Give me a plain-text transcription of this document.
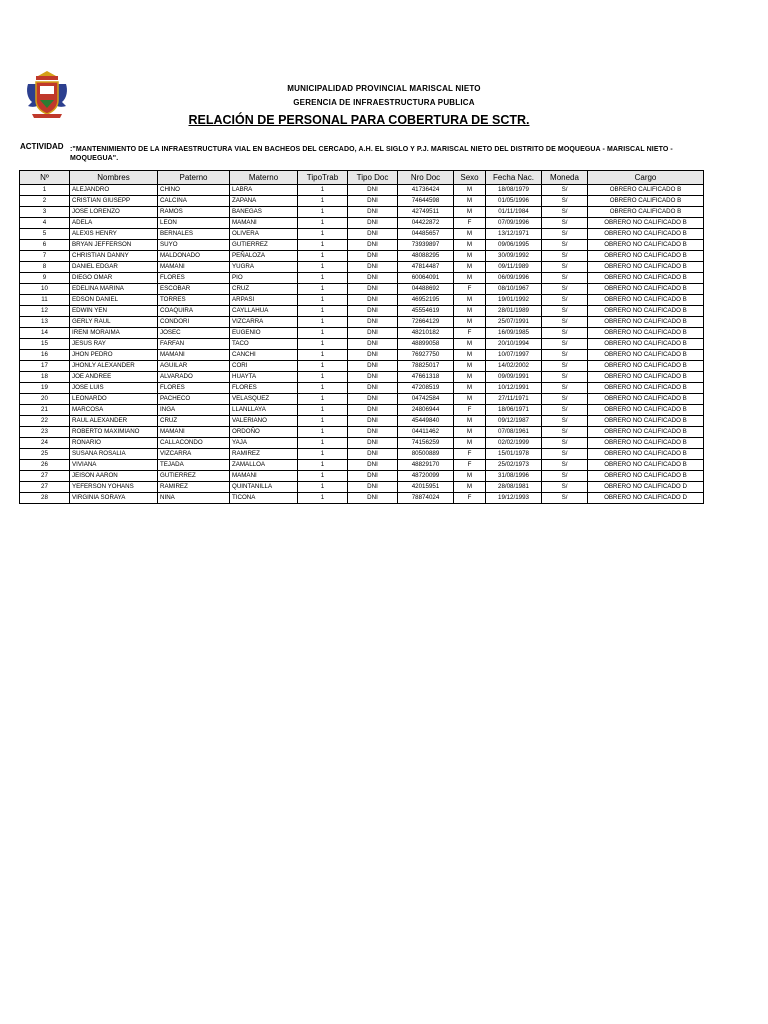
MUNICIPALIDAD PROVINCIAL MARISCAL NIETO
GERENCIA DE INFRAESTRUCTURA PUBLICA
RELACIÓN DE PERSONAL PARA COBERTURA DE SCTR.
ACTIVIDAD :"MANTENIMIENTO DE LA INFRAESTRUCTURA VIAL EN BACHEOS DEL CERCADO, A.H. EL SIGLO Y P.J. MARISCAL NIETO DEL DISTRITO DE MOQUEGUA - MARISCAL NIETO - MOQUEGUA".
Nº	Nombres	Paterno	Materno	TipoTrab	Tipo Doc	Nro Doc	Sexo	Fecha Nac.	Moneda	Cargo
1	ALEJANDRO	CHINO	LABRA	1	DNI	41736424	M	18/08/1979	S/	OBRERO CALIFICADO B
2	CRISTIAN GIUSEPP	CALCINA	ZAPANA	1	DNI	74644598	M	01/05/1996	S/	OBRERO CALIFICADO B
3	JOSE LORENZO	RAMOS	BANEGAS	1	DNI	42749511	M	01/11/1984	S/	OBRERO CALIFICADO B
4	ADELA	LEON	MAMANI	1	DNI	04422872	F	07/09/1996	S/	OBRERO NO CALIFICADO B
5	ALEXIS HENRY	BERNALES	OLIVERA	1	DNI	04485657	M	13/12/1971	S/	OBRERO NO CALIFICADO B
6	BRYAN JEFFERSON	SUYO	GUTIERREZ	1	DNI	73939897	M	09/06/1995	S/	OBRERO NO CALIFICADO B
7	CHRISTIAN DANNY	MALDONADO	PEÑALOZA	1	DNI	48088295	M	30/09/1992	S/	OBRERO NO CALIFICADO B
8	DANIEL EDGAR	MAMANI	YUGRA	1	DNI	47814487	M	09/11/1989	S/	OBRERO NO CALIFICADO B
9	DIEGO OMAR	FLORES	PIO	1	DNI	60064091	M	06/09/1996	S/	OBRERO NO CALIFICADO B
10	EDELINA MARINA	ESCOBAR	CRUZ	1	DNI	04488692	F	08/10/1967	S/	OBRERO NO CALIFICADO B
11	EDSON DANIEL	TORRES	ARPASI	1	DNI	46952195	M	19/01/1992	S/	OBRERO NO CALIFICADO B
12	EDWIN YEN	COAQUIRA	CAYLLAHUA	1	DNI	45554619	M	28/01/1989	S/	OBRERO NO CALIFICADO B
13	GERLY RAUL	CONDORI	VIZCARRA	1	DNI	72664129	M	25/07/1991	S/	OBRERO NO CALIFICADO B
14	IRENI MORAIMA	JOSEC	EUGENIO	1	DNI	48210182	F	16/09/1985	S/	OBRERO NO CALIFICADO B
15	JESUS RAY	FARFAN	TACO	1	DNI	48899058	M	20/10/1994	S/	OBRERO NO CALIFICADO B
16	JHON PEDRO	MAMANI	CANCHI	1	DNI	76927750	M	10/07/1997	S/	OBRERO NO CALIFICADO B
17	JHONLY ALEXANDER	AGUILAR	CORI	1	DNI	78825017	M	14/02/2002	S/	OBRERO NO CALIFICADO B
18	JOE ANDREE	ALVARADO	HUAYTA	1	DNI	47661318	M	09/09/1991	S/	OBRERO NO CALIFICADO B
19	JOSE LUIS	FLORES	FLORES	1	DNI	47208519	M	10/12/1991	S/	OBRERO NO CALIFICADO B
20	LEONARDO	PACHECO	VELASQUEZ	1	DNI	04742584	M	27/11/1971	S/	OBRERO NO CALIFICADO B
21	MARCOSA	INGA	LLANLLAYA	1	DNI	24806944	F	18/06/1971	S/	OBRERO NO CALIFICADO B
22	RAUL ALEXANDER	CRUZ	VALERIANO	1	DNI	45449840	M	09/12/1987	S/	OBRERO NO CALIFICADO B
23	ROBERTO MAXIMIANO	MAMANI	ORDOÑO	1	DNI	04411462	M	07/08/1961	S/	OBRERO NO CALIFICADO B
24	RONARIO	CALLACONDO	YAJA	1	DNI	74156259	M	02/02/1999	S/	OBRERO NO CALIFICADO B
25	SUSANA ROSALIA	VIZCARRA	RAMIREZ	1	DNI	80500889	F	15/01/1978	S/	OBRERO NO CALIFICADO B
26	VIVIANA	TEJADA	ZAMALLOA	1	DNI	48829170	F	25/02/1973	S/	OBRERO NO CALIFICADO B
27	JEISON AARON	GUTIERREZ	MAMANI	1	DNI	48720099	M	31/08/1996	S/	OBRERO NO CALIFICADO B
27	YEFERSON YOHANS	RAMIREZ	QUINTANILLA	1	DNI	42015951	M	28/08/1981	S/	OBRERO NO CALIFICADO D
28	VIRGINIA SORAYA	NINA	TICONA	1	DNI	78874024	F	19/12/1993	S/	OBRERO NO CALIFICADO D
